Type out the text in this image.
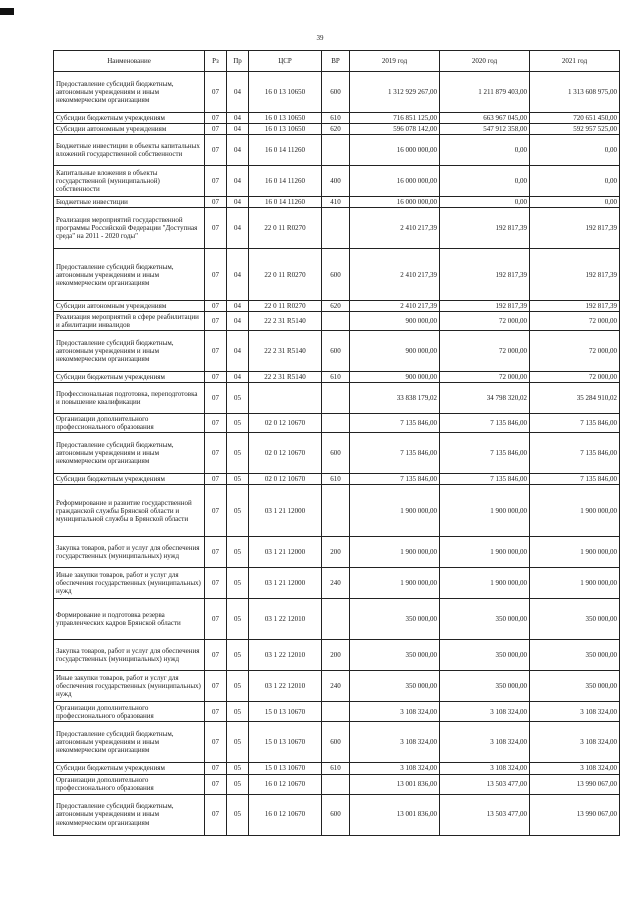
39
Наименование	Рз	Пр	ЦСР	ВР	2019 год	2020 год	2021 год
Предоставление субсидий бюджетным, автономным учреждениям и иным некоммерческим организациям	07	04	16 0 13 10650	600	1 312 929 267,00	1 211 879 403,00	1 313 608 975,00
Субсидии бюджетным учреждениям	07	04	16 0 13 10650	610	716 851 125,00	663 967 045,00	720 651 450,00
Субсидии автономным учреждениям	07	04	16 0 13 10650	620	596 078 142,00	547 912 358,00	592 957 525,00
Бюджетные инвестиции в объекты капитальных вложений государственной собственности	07	04	16 0 14 11260		16 000 000,00	0,00	0,00
Капитальные вложения в объекты государственной (муниципальной) собственности	07	04	16 0 14 11260	400	16 000 000,00	0,00	0,00
Бюджетные инвестиции	07	04	16 0 14 11260	410	16 000 000,00	0,00	0,00
Реализация мероприятий государственной программы Российской Федерации "Доступная среда" на 2011 - 2020 годы"	07	04	22 0 11 R0270		2 410 217,39	192 817,39	192 817,39
Предоставление субсидий бюджетным, автономным учреждениям и иным некоммерческим организациям	07	04	22 0 11 R0270	600	2 410 217,39	192 817,39	192 817,39
Субсидии автономным учреждениям	07	04	22 0 11 R0270	620	2 410 217,39	192 817,39	192 817,39
Реализация мероприятий в сфере реабилитации и абилитации инвалидов	07	04	22 2 31 R5140		900 000,00	72 000,00	72 000,00
Предоставление субсидий бюджетным, автономным учреждениям и иным некоммерческим организациям	07	04	22 2 31 R5140	600	900 000,00	72 000,00	72 000,00
Субсидии бюджетным учреждениям	07	04	22 2 31 R5140	610	900 000,00	72 000,00	72 000,00
Профессиональная подготовка, переподготовка и повышение квалификации	07	05			33 838 179,02	34 798 320,02	35 284 910,02
Организации дополнительного профессионального образования	07	05	02 0 12 10670		7 135 846,00	7 135 846,00	7 135 846,00
Предоставление субсидий бюджетным, автономным учреждениям и иным некоммерческим организациям	07	05	02 0 12 10670	600	7 135 846,00	7 135 846,00	7 135 846,00
Субсидии бюджетным учреждениям	07	05	02 0 12 10670	610	7 135 846,00	7 135 846,00	7 135 846,00
Реформирование и развитие государственной гражданской службы Брянской области и муниципальной службы в Брянской области	07	05	03 1 21 12000		1 900 000,00	1 900 000,00	1 900 000,00
Закупка товаров, работ и услуг для обеспечения государственных (муниципальных) нужд	07	05	03 1 21 12000	200	1 900 000,00	1 900 000,00	1 900 000,00
Иные закупки товаров, работ и услуг для обеспечения государственных (муниципальных) нужд	07	05	03 1 21 12000	240	1 900 000,00	1 900 000,00	1 900 000,00
Формирование и подготовка резерва управленческих кадров Брянской области	07	05	03 1 22 12010		350 000,00	350 000,00	350 000,00
Закупка товаров, работ и услуг для обеспечения государственных (муниципальных) нужд	07	05	03 1 22 12010	200	350 000,00	350 000,00	350 000,00
Иные закупки товаров, работ и услуг для обеспечения государственных (муниципальных) нужд	07	05	03 1 22 12010	240	350 000,00	350 000,00	350 000,00
Организации дополнительного профессионального образования	07	05	15 0 13 10670		3 108 324,00	3 108 324,00	3 108 324,00
Предоставление субсидий бюджетным, автономным учреждениям и иным некоммерческим организациям	07	05	15 0 13 10670	600	3 108 324,00	3 108 324,00	3 108 324,00
Субсидии бюджетным учреждениям	07	05	15 0 13 10670	610	3 108 324,00	3 108 324,00	3 108 324,00
Организации дополнительного профессионального образования	07	05	16 0 12 10670		13 001 836,00	13 503 477,00	13 990 067,00
Предоставление субсидий бюджетным, автономным учреждениям и иным некоммерческим организациям	07	05	16 0 12 10670	600	13 001 836,00	13 503 477,00	13 990 067,00
